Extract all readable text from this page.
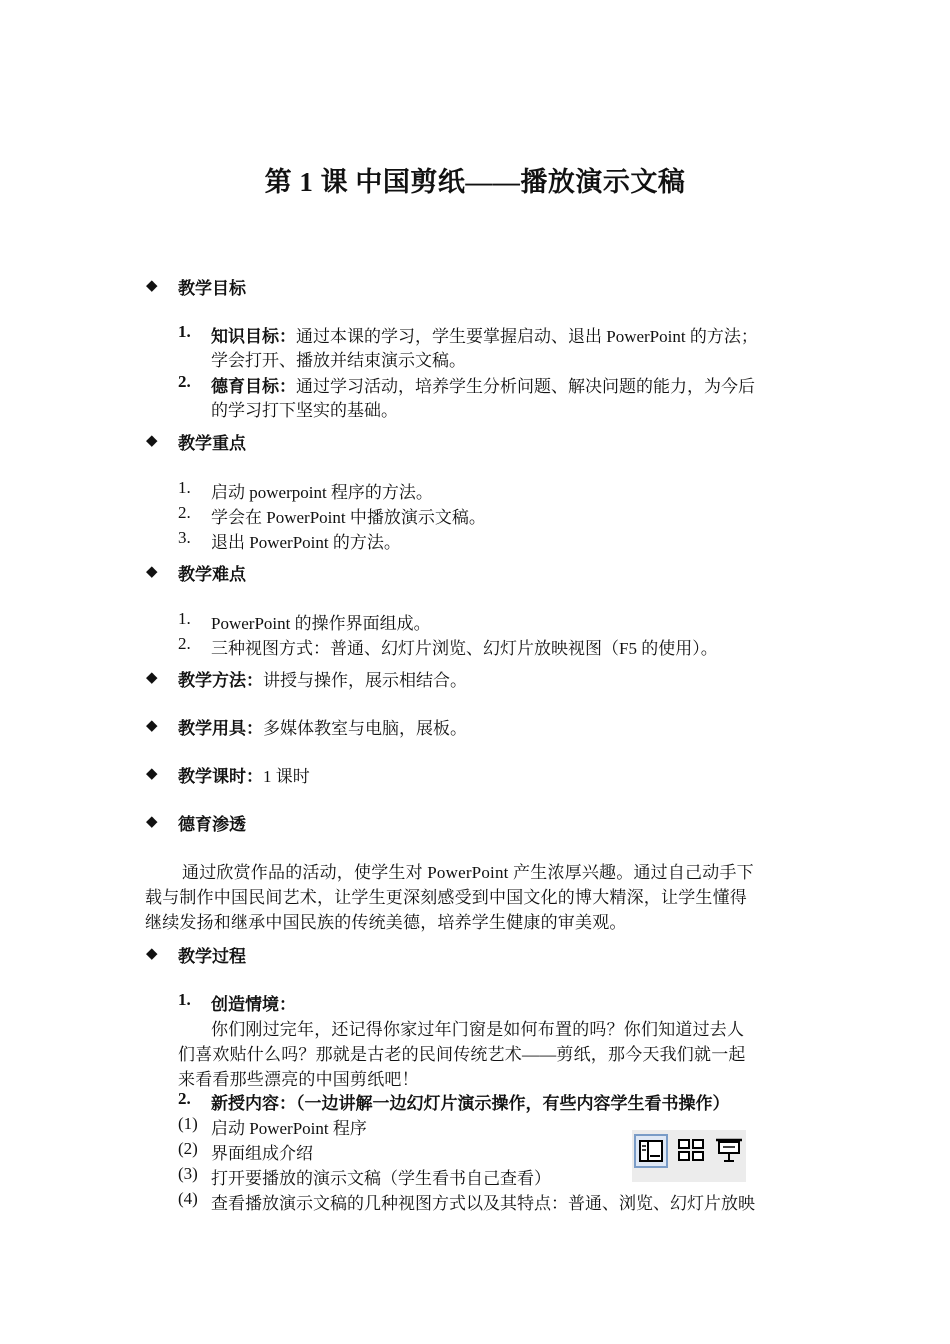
第 1 课 中国剪纸——播放演示文稿
◆ 教学目标
1. 知识目标：通过本课的学习，学生要掌握启动、退出 PowerPoint 的方法；
学会打开、播放并结束演示文稿。
2. 德育目标：通过学习活动，培养学生分析问题、解决问题的能力，为今后
的学习打下坚实的基础。
◆ 教学重点
1. 启动 powerpoint 程序的方法。
2. 学会在 PowerPoint 中播放演示文稿。
3. 退出 PowerPoint 的方法。
◆ 教学难点
1. PowerPoint 的操作界面组成。
2. 三种视图方式：普通、幻灯片浏览、幻灯片放映视图（F5 的使用）。
◆ 教学方法：讲授与操作，展示相结合。
◆ 教学用具：多媒体教室与电脑，展板。
◆ 教学课时：1 课时
◆ 德育渗透
通过欣赏作品的活动，使学生对 PowerPoint 产生浓厚兴趣。通过自己动手下
载与制作中国民间艺术，让学生更深刻感受到中国文化的博大精深，让学生懂得
继续发扬和继承中国民族的传统美德，培养学生健康的审美观。
◆ 教学过程
1. 创造情境：
你们刚过完年，还记得你家过年门窗是如何布置的吗？你们知道过去人
们喜欢贴什么吗？那就是古老的民间传统艺术——剪纸，那今天我们就一起
来看看那些漂亮的中国剪纸吧！
2. 新授内容：（一边讲解一边幻灯片演示操作，有些内容学生看书操作）
(1) 启动 PowerPoint 程序
(2) 界面组成介绍
(3) 打开要播放的演示文稿（学生看书自己查看）
(4) 查看播放演示文稿的几种视图方式以及其特点：普通、浏览、幻灯片放映
